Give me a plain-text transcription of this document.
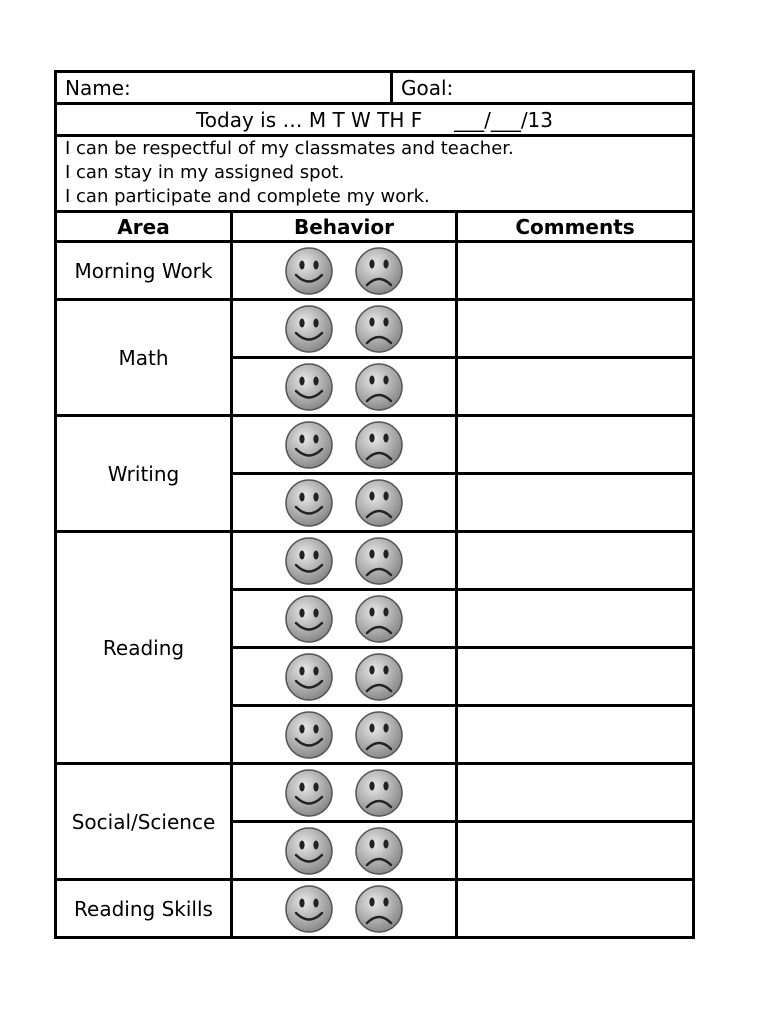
Name:	Goal:
Today is … M T W TH F     ___/___/13

I can be respectful of my classmates and teacher.
I can stay in my assigned spot.
I can participate and complete my work.
Area	Behavior	Comments
Morning Work	

Math	

Writing	

Reading	

Social/Science	

Reading Skills	
